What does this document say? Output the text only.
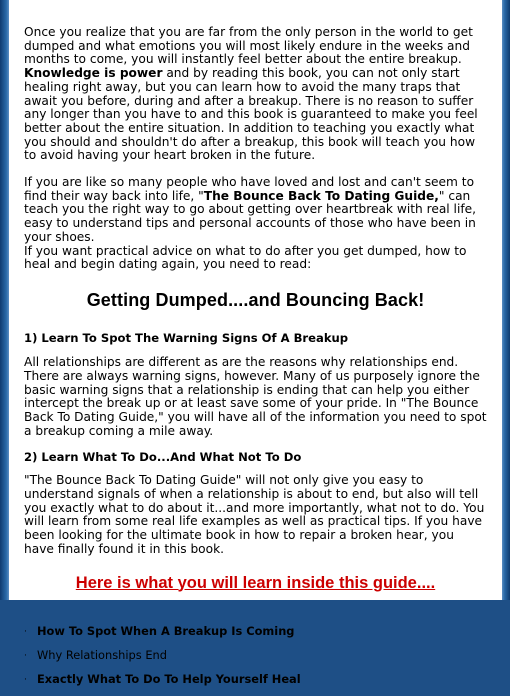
Once you realize that you are far from the only person in the world to get dumped and what emotions you will most likely endure in the weeks and months to come, you will instantly feel better about the entire breakup. Knowledge is power and by reading this book, you can not only start healing right away, but you can learn how to avoid the many traps that await you before, during and after a breakup. There is no reason to suffer any longer than you have to and this book is guaranteed to make you feel better about the entire situation. In addition to teaching you exactly what you should and shouldn't do after a breakup, this book will teach you how to avoid having your heart broken in the future.

If you are like so many people who have loved and lost and can't seem to find their way back into life, "The Bounce Back To Dating Guide," can teach you the right way to go about getting over heartbreak with real life, easy to understand tips and personal accounts of those who have been in your shoes.
If you want practical advice on what to do after you get dumped, how to heal and begin dating again, you need to read:

Getting Dumped....and Bouncing Back!
1) Learn To Spot The Warning Signs Of A Breakup

All relationships are different as are the reasons why relationships end. There are always warning signs, however. Many of us purposely ignore the basic warning signs that a relationship is ending that can help you either intercept the break up or at least save some of your pride. In "The Bounce Back To Dating Guide," you will have all of the information you need to spot a breakup coming a mile away.

2) Learn What To Do...And What Not To Do

"The Bounce Back To Dating Guide" will not only give you easy to understand signals of when a relationship is about to end, but also will tell you exactly what to do about it...and more importantly, what not to do. You will learn from some real life examples as well as practical tips. If you have been looking for the ultimate book in how to repair a broken hear, you have finally found it in this book.

Here is what you will learn inside this guide....
· How To Spot When A Breakup Is Coming
· Why Relationships End
· Exactly What To Do To Help Yourself Heal
